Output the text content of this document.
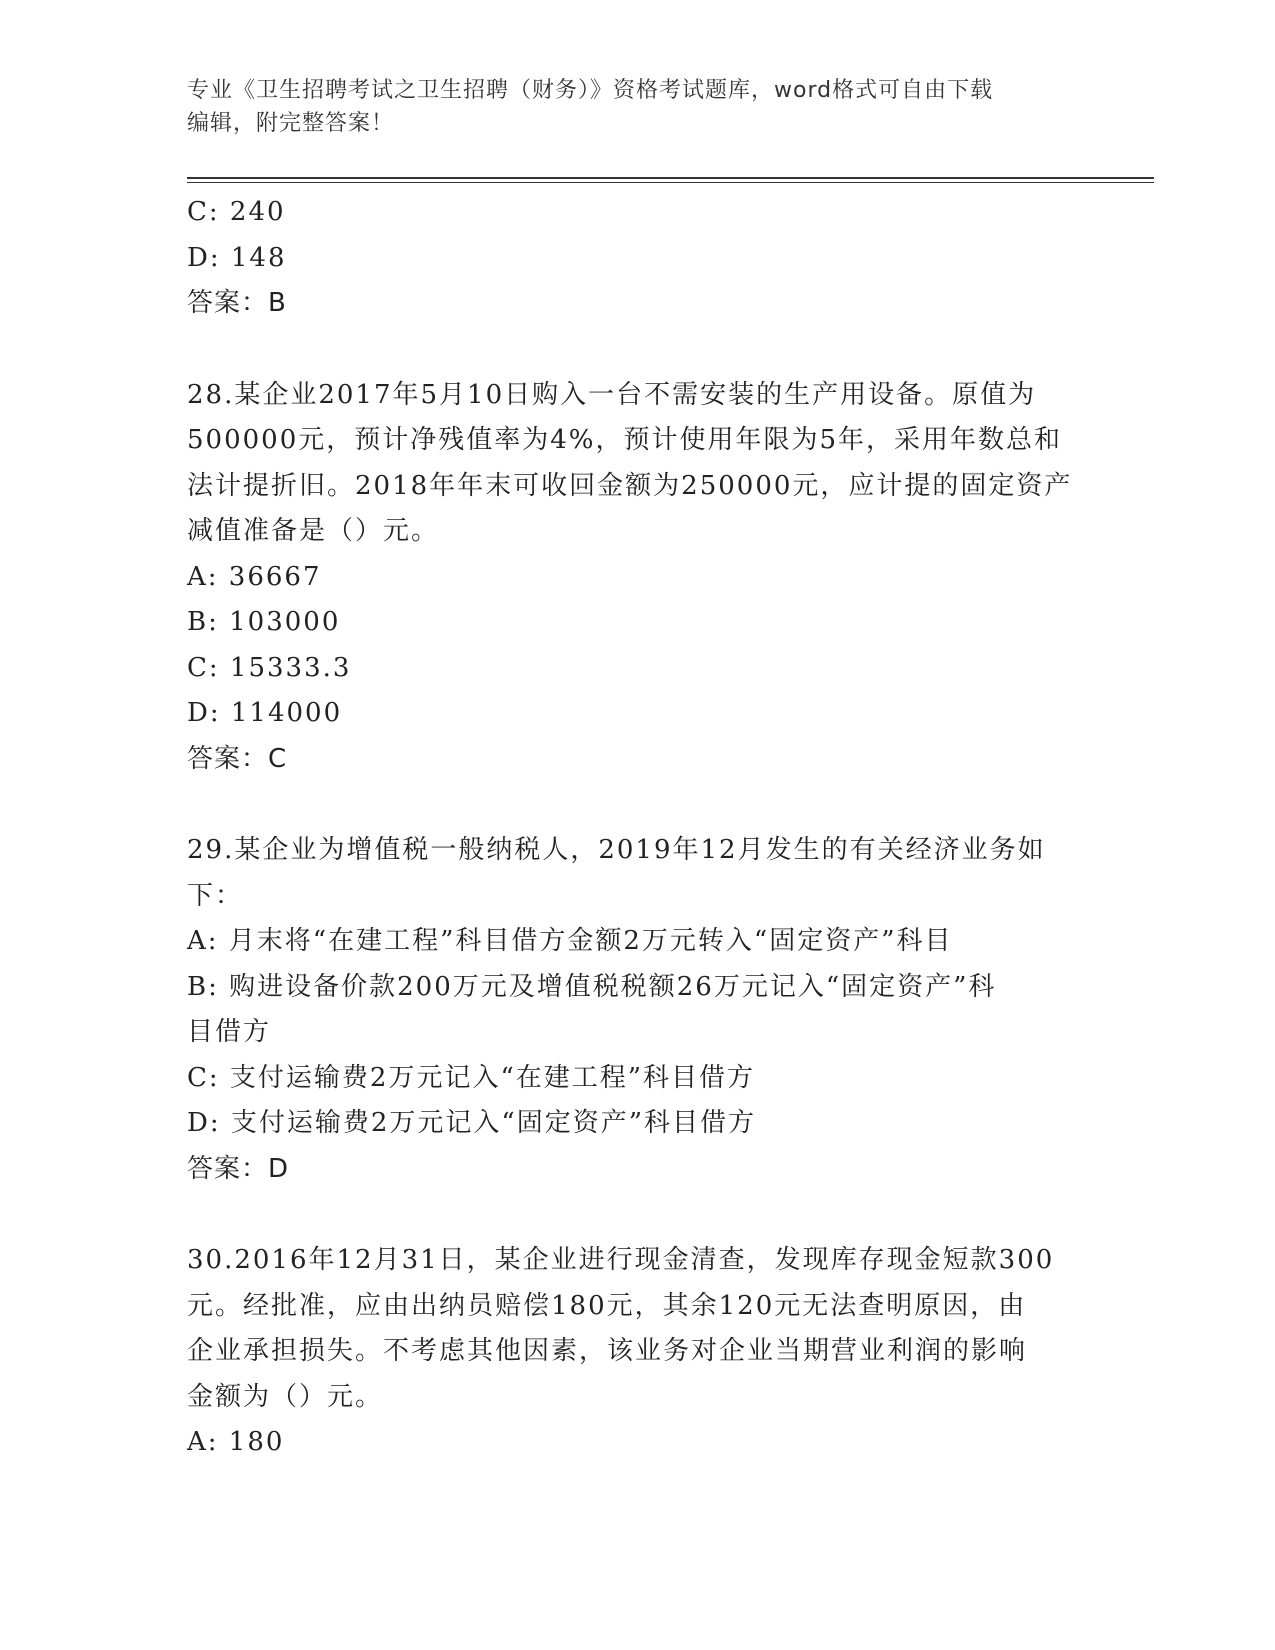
专业《卫生招聘考试之卫生招聘（财务）》资格考试题库，word格式可自由下载
编辑，附完整答案！

C: 240

D: 148

答案：B

28.某企业2017年5月10日购入一台不需安装的生产用设备。原值为

500000元，预计净残值率为4%，预计使用年限为5年，采用年数总和

法计提折旧。2018年年末可收回金额为250000元，应计提的固定资产

减值准备是（）元。

A: 36667

B: 103000

C: 15333.3

D: 114000

答案：C

29.某企业为增值税一般纳税人，2019年12月发生的有关经济业务如

下：

A: 月末将“在建工程”科目借方金额2万元转入“固定资产”科目

B: 购进设备价款200万元及增值税税额26万元记入“固定资产”科

目借方

C: 支付运输费2万元记入“在建工程”科目借方

D: 支付运输费2万元记入“固定资产”科目借方

答案：D

30.2016年12月31日，某企业进行现金清查，发现库存现金短款300

元。经批准，应由出纳员赔偿180元，其余120元无法查明原因，由

企业承担损失。不考虑其他因素，该业务对企业当期营业利润的影响

金额为（）元。

A: 180
